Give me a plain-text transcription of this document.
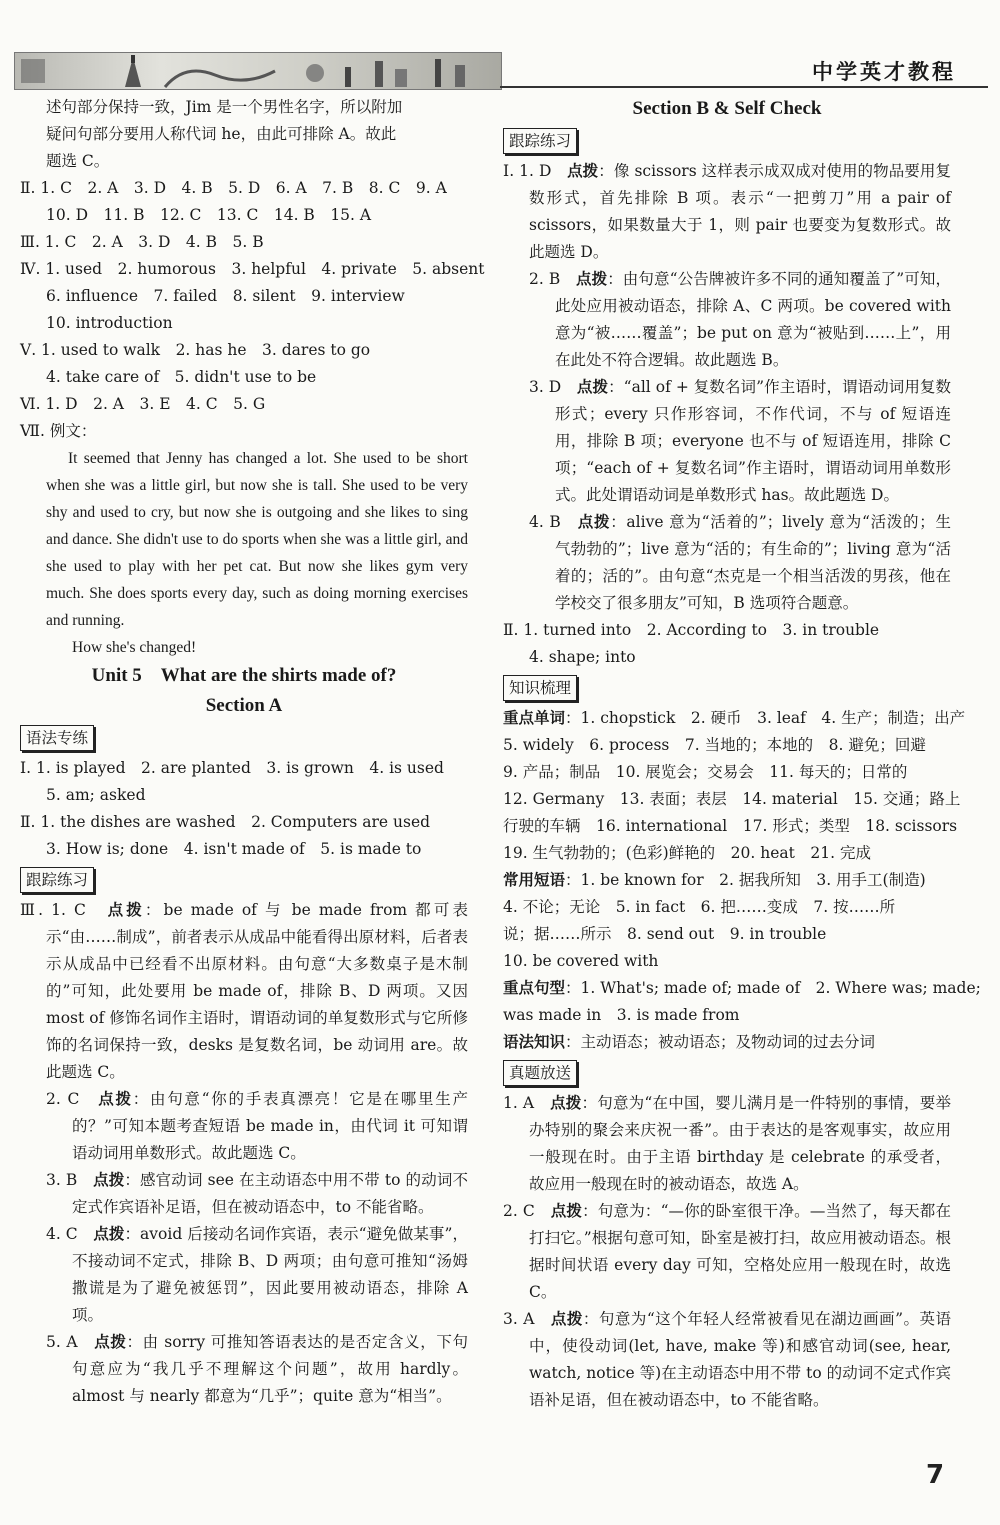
中学英才教程

述句部分保持一致，Jim 是一个男性名字，所以附加

疑问句部分要用人称代词 he，由此可排除 A。故此

题选 C。

Ⅱ. 1. C　2. A　3. D　4. B　5. D　6. A　7. B　8. C　9. A

10. D　11. B　12. C　13. C　14. B　15. A

Ⅲ. 1. C　2. A　3. D　4. B　5. B

Ⅳ. 1. used　2. humorous　3. helpful　4. private　5. absent

6. influence　7. failed　8. silent　9. interview

10. introduction

Ⅴ. 1. used to walk　2. has he　3. dares to go

4. take care of　5. didn't use to be

Ⅵ. 1. D　2. A　3. E　4. C　5. G

Ⅶ. 例文：

It seemed that Jenny has changed a lot. She used to be short when she was a little girl, but now she is tall. She used to be very shy and used to cry, but now she is outgoing and she likes to sing and dance. She didn't use to do sports when she was a little girl, and she used to play with her pet cat. But now she likes gym very much. She does sports every day, such as doing morning exercises and running.

How she's changed!

Unit 5　What are the shirts made of?

Section A

语法专练

Ⅰ. 1. is played　2. are planted　3. is grown　4. is used

5. am; asked

Ⅱ. 1. the dishes are washed　2. Computers are used

3. How is; done　4. isn't made of　5. is made to

跟踪练习

Ⅲ. 1. C　 点拨：be made of 与 be made from 都可表示“由……制成”，前者表示从成品中能看得出原材料，后者表示从成品中已经看不出原材料。由句意“大多数桌子是木制的”可知，此处要用 be made of，排除 B、D 两项。又因 most of 修饰名词作主语时，谓语动词的单复数形式与它所修饰的名词保持一致，desks 是复数名词，be 动词用 are。故此题选 C。

2. C　 点拨：由句意“你的手表真漂亮！它是在哪里生产的？”可知本题考查短语 be made in，由代词 it 可知谓语动词用单数形式。故此题选 C。

3. B　 点拨：感官动词 see 在主动语态中用不带 to 的动词不定式作宾语补足语，但在被动语态中，to 不能省略。

4. C　 点拨：avoid 后接动名词作宾语，表示“避免做某事”，不接动词不定式，排除 B、D 两项；由句意可推知“汤姆撒谎是为了避免被惩罚”，因此要用被动语态，排除 A 项。

5. A　 点拨：由 sorry 可推知答语表达的是否定含义，下句句意应为“我几乎不理解这个问题”，故用 hardly。almost 与 nearly 都意为“几乎”；quite 意为“相当”。

Section B & Self Check

跟踪练习

Ⅰ. 1. D　 点拨：像 scissors 这样表示成双成对使用的物品要用复数形式，首先排除 B 项。表示“一把剪刀”用 a pair of scissors，如果数量大于 1，则 pair 也要变为复数形式。故此题选 D。

2. B　 点拨：由句意“公告牌被许多不同的通知覆盖了”可知，此处应用被动语态，排除 A、C 两项。be covered with 意为“被……覆盖”；be put on 意为“被贴到……上”，用在此处不符合逻辑。故此题选 B。

3. D　 点拨：“all of + 复数名词”作主语时，谓语动词用复数形式；every 只作形容词，不作代词，不与 of 短语连用，排除 B 项；everyone 也不与 of 短语连用，排除 C 项；“each of + 复数名词”作主语时，谓语动词用单数形式。此处谓语动词是单数形式 has。故此题选 D。

4. B　 点拨：alive 意为“活着的”；lively 意为“活泼的；生气勃勃的”；live 意为“活的；有生命的”；living 意为“活着的；活的”。由句意“杰克是一个相当活泼的男孩，他在学校交了很多朋友”可知，B 选项符合题意。

Ⅱ. 1. turned into　2. According to　3. in trouble

4. shape; into

知识梳理

重点单词：1. chopstick　2. 硬币　3. leaf　4. 生产；制造；出产

5. widely　6. process　7. 当地的；本地的　8. 避免；回避

9. 产品；制品　10. 展览会；交易会　11. 每天的；日常的

12. Germany　13. 表面；表层　14. material　15. 交通；路上

行驶的车辆　16. international　17. 形式；类型　18. scissors

19. 生气勃勃的；(色彩)鲜艳的　20. heat　21. 完成

常用短语：1. be known for　2. 据我所知　3. 用手工(制造)

4. 不论；无论　5. in fact　6. 把……变成　7. 按……所

说；据……所示　8. send out　9. in trouble

10. be covered with

重点句型：1. What's; made of; made of　2. Where was; made;

was made in　3. is made from

语法知识：主动语态；被动语态；及物动词的过去分词

真题放送

1. A　 点拨：句意为“在中国，婴儿满月是一件特别的事情，要举办特别的聚会来庆祝一番”。由于表达的是客观事实，故应用一般现在时。由于主语 birthday 是 celebrate 的承受者，故应用一般现在时的被动语态，故选 A。

2. C　 点拨：句意为：“—你的卧室很干净。—当然了，每天都在打扫它。”根据句意可知，卧室是被打扫，故应用被动语态。根据时间状语 every day 可知，空格处应用一般现在时，故选 C。

3. A　 点拨：句意为“这个年轻人经常被看见在湖边画画”。英语中，使役动词(let, have, make 等)和感官动词(see, hear, watch, notice 等)在主动语态中用不带 to 的动词不定式作宾语补足语，但在被动语态中，to 不能省略。

7
